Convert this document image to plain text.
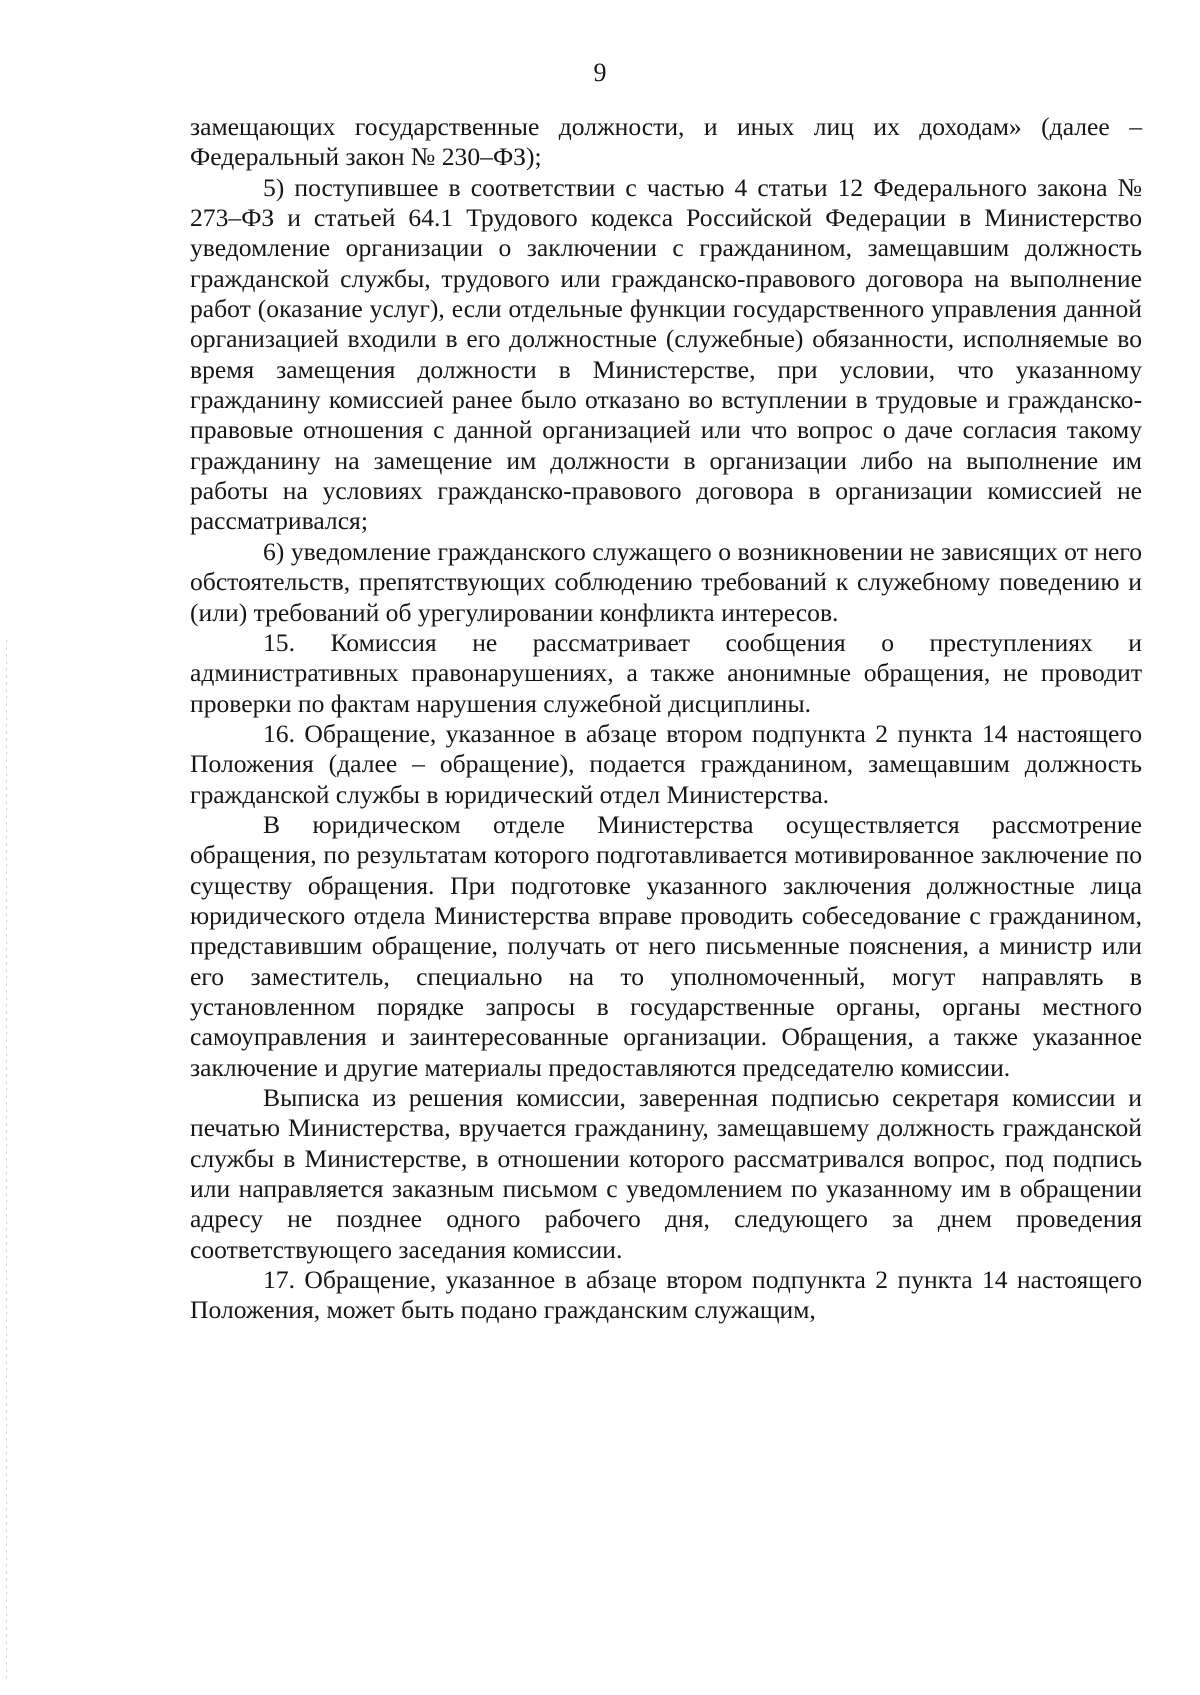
9

замещающих государственные должности, и иных лиц их доходам» (далее – Федеральный закон № 230–ФЗ);

5) поступившее в соответствии с частью 4 статьи 12 Федерального закона № 273–ФЗ и статьей 64.1 Трудового кодекса Российской Федерации в Министерство уведомление организации о заключении с гражданином, замещавшим должность гражданской службы, трудового или гражданско-правового договора на выполнение работ (оказание услуг), если отдельные функции государственного управления данной организацией входили в его должностные (служебные) обязанности, исполняемые во время замещения должности в Министерстве, при условии, что указанному гражданину комиссией ранее было отказано во вступлении в трудовые и гражданско-правовые отношения с данной организацией или что вопрос о даче согласия такому гражданину на замещение им должности в организации либо на выполнение им работы на условиях гражданско-правового договора в организации комиссией не рассматривался;

6) уведомление гражданского служащего о возникновении не зависящих от него обстоятельств, препятствующих соблюдению требований к служебному поведению и (или) требований об урегулировании конфликта интересов.

15. Комиссия не рассматривает сообщения о преступлениях и административных правонарушениях, а также анонимные обращения, не проводит проверки по фактам нарушения служебной дисциплины.

16. Обращение, указанное в абзаце втором подпункта 2 пункта 14 настоящего Положения (далее – обращение), подается гражданином, замещавшим должность гражданской службы в юридический отдел Министерства.

В юридическом отделе Министерства осуществляется рассмотрение обращения, по результатам которого подготавливается мотивированное заключение по существу обращения. При подготовке указанного заключения должностные лица юридического отдела Министерства вправе проводить собеседование с гражданином, представившим обращение, получать от него письменные пояснения, а министр или его заместитель, специально на то уполномоченный, могут направлять в установленном порядке запросы в государственные органы, органы местного самоуправления и заинтересованные организации. Обращения, а также указанное заключение и другие материалы предоставляются председателю комиссии.

Выписка из решения комиссии, заверенная подписью секретаря комиссии и печатью Министерства, вручается гражданину, замещавшему должность гражданской службы в Министерстве, в отношении которого рассматривался вопрос, под подпись или направляется заказным письмом с уведомлением по указанному им в обращении адресу не позднее одного рабочего дня, следующего за днем проведения соответствующего заседания комиссии.

17. Обращение, указанное в абзаце втором подпункта 2 пункта 14 настоящего Положения, может быть подано гражданским служащим,
